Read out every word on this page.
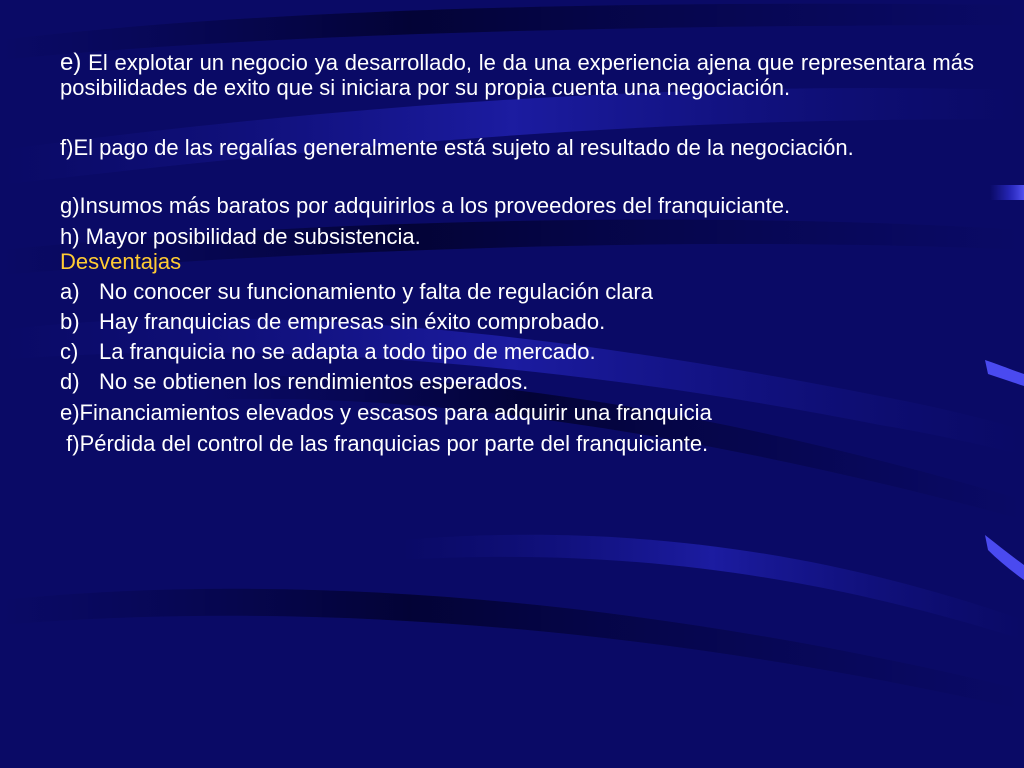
e) El explotar un negocio ya desarrollado, le da una experiencia ajena que representara más posibilidades de exito que si iniciara por su propia cuenta una negociación.

f)El pago de las regalías generalmente está sujeto al resultado de la negociación.

g)Insumos más baratos por adquirirlos a los proveedores del franquiciante.

h) Mayor posibilidad de subsistencia.

Desventajas

a) No conocer su funcionamiento y falta de regulación clara
b) Hay franquicias de empresas sin éxito comprobado.
c) La franquicia no se adapta a todo tipo de mercado.
d) No se obtienen los rendimientos esperados.

e)Financiamientos elevados y escasos para adquirir una franquicia

f)Pérdida del control de las franquicias por parte del franquiciante.
